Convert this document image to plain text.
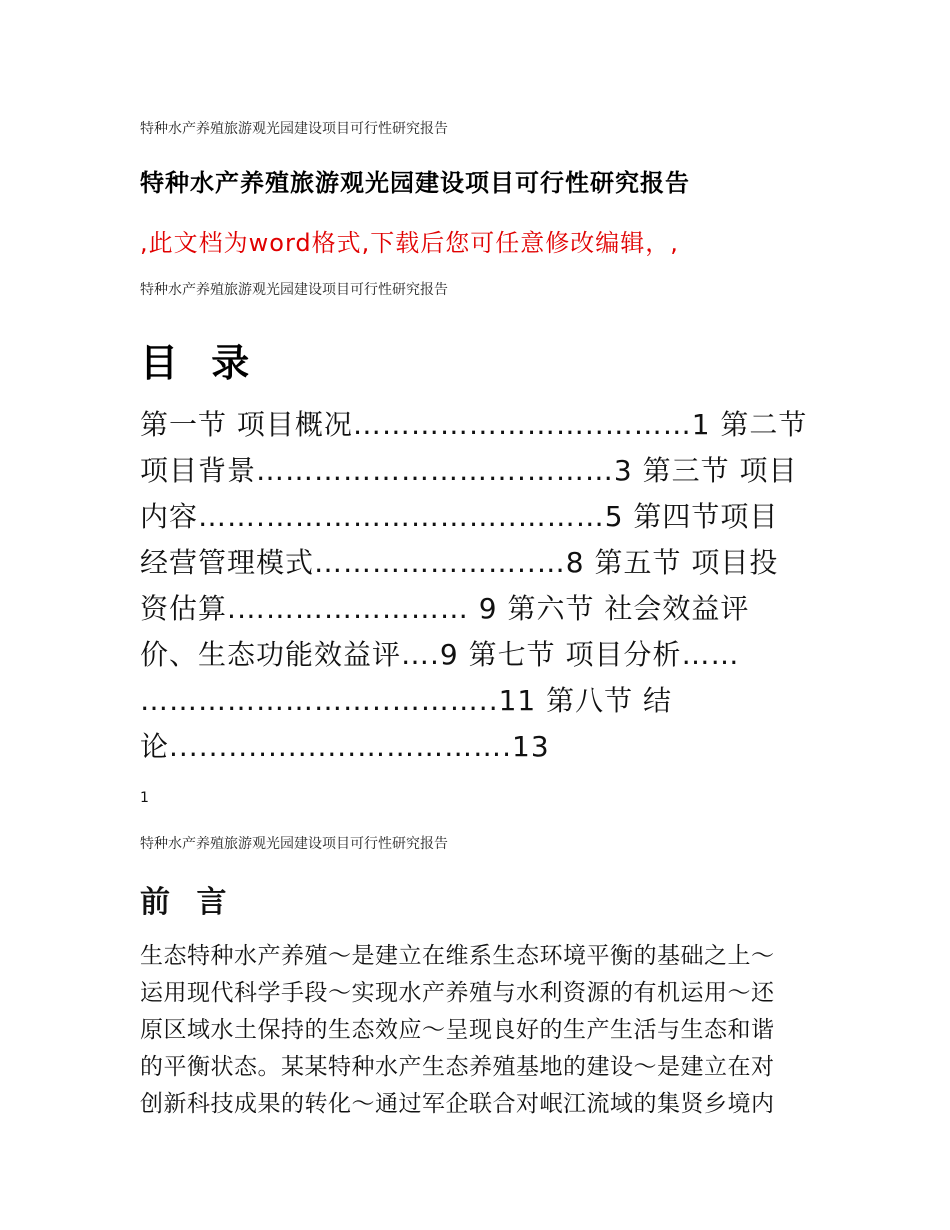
特种水产养殖旅游观光园建设项目可行性研究报告

特种水产养殖旅游观光园建设项目可行性研究报告

,此文档为word格式,下载后您可任意修改编辑，,

特种水产养殖旅游观光园建设项目可行性研究报告

目 录
第一节 项目概况……………………..………1 第二节
项目背景……………………….………3 第三节 项目
内容…….……………………..………5 第四节项目
经营管理模式…………………..…8 第五节 项目投
资估算.…………………… 9 第六节 社会效益评
价、生态功能效益评….9 第七节 项目分析……
……………………..………..11 第八节 结
论...................…………….13

1

特种水产养殖旅游观光园建设项目可行性研究报告

前 言
生态特种水产养殖～是建立在维系生态环境平衡的基础之上～
运用现代科学手段～实现水产养殖与水利资源的有机运用～还
原区域水土保持的生态效应～呈现良好的生产生活与生态和谐
的平衡状态。某某特种水产生态养殖基地的建设～是建立在对
创新科技成果的转化～通过军企联合对岷江流域的集贤乡境内
